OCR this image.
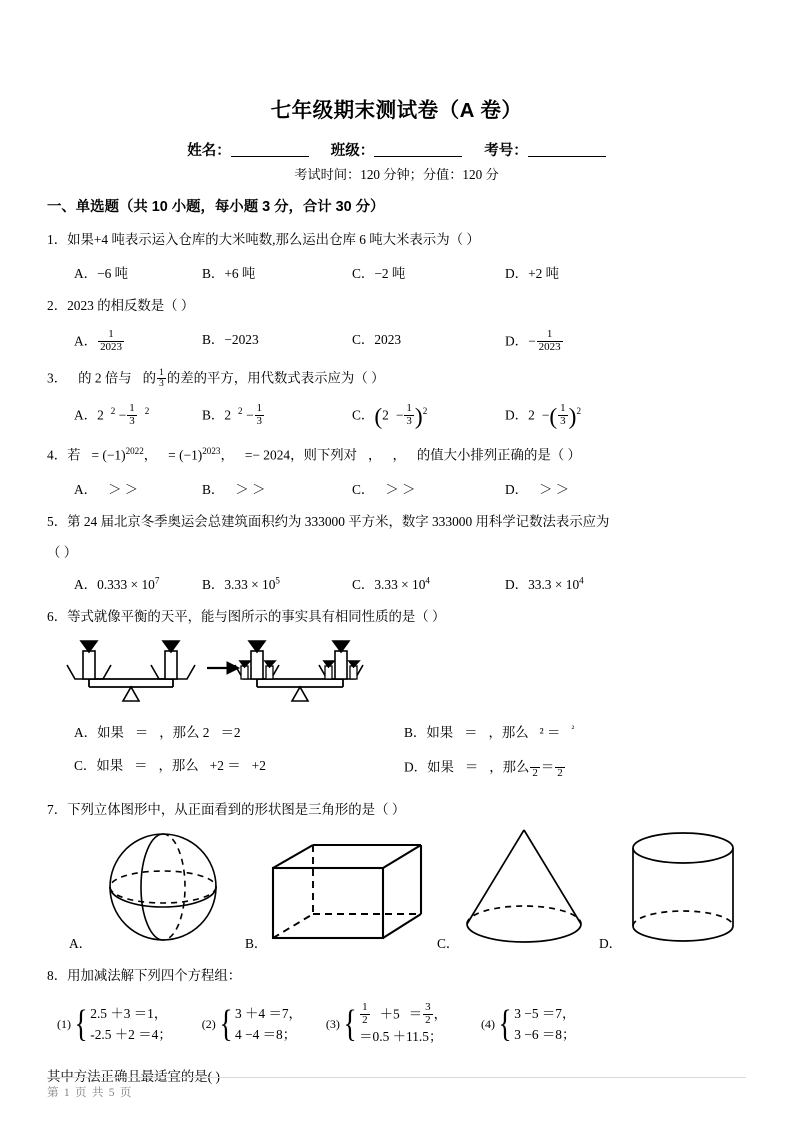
七年级期末测试卷（A 卷）
姓名：	班级：	考号：
考试时间：120 分钟；分值：120 分
一、单选题（共 10 小题，每小题 3 分，合计 30 分）
1．如果+4 吨表示运入仓库的大米吨数,那么运出仓库 6 吨大米表示为（ ）
A．−6 吨	B．+6 吨	C．−2 吨	D．+2 吨
2．2023 的相反数是（ ）
A． $\frac{1}{2023}$	B．−2023	C．2023	D．− $\frac{1}{2023}$
3． 的 2 倍与 的 $\frac{1}{3}$ 的差的平方，用代数式表示应为（ ）
A．2 $^2 - \frac{1}{3} ^2$	B．2 $^2 - \frac{1}{3}$	C．$(2 - \frac{1}{3} )^2$	D．2 −( $\frac{1}{3} )^2$
4．若 = $(-1)^{2022}$， = $(-1)^{2023}$， =− 2024，则下列对 ， ， 的值大小排列正确的是（ ）
A． ＞ ＞	B． ＞ ＞	C． ＞ ＞	D． ＞ ＞
5．第 24 届北京冬季奥运会总建筑面积约为 333000 平方米，数字 333000 用科学记数法表示应为
（ ）
A．$0.333 \times 10^7$	B．$3.33 \times 10^5$	C．$3.33 \times 10^4$	D．$33.3 \times 10^4$
6．等式就像平衡的天平，能与图所示的事实具有相同性质的是（ ）
A．如果 ＝ ，那么 2 ＝2	B．如果 ＝ ，那么 ² ＝ $^{^2}$
C．如果 ＝ ，那么 +2 ＝ +2	D．如果 ＝ ，那么
2 ＝
2
7．下列立体图形中，从正面看到的形状图是三角形的是（ ）
A．	B．	C．	D．
8．用加减法解下列四个方程组：
(1) { 2.5 ＋3 ＝1，
-2.5 ＋2 ＝4；
(2) { 3 ＋4 ＝7，
4 −4 ＝8；
(3) { $\frac{1}{2} +5 = \frac{3}{2}$ ，
＝0.5 ＋11.5；
(4) { 3 −5 ＝7，
3 −6 ＝8；
其中方法正确且最适宜的是( )
第 1 页 共 5 页
